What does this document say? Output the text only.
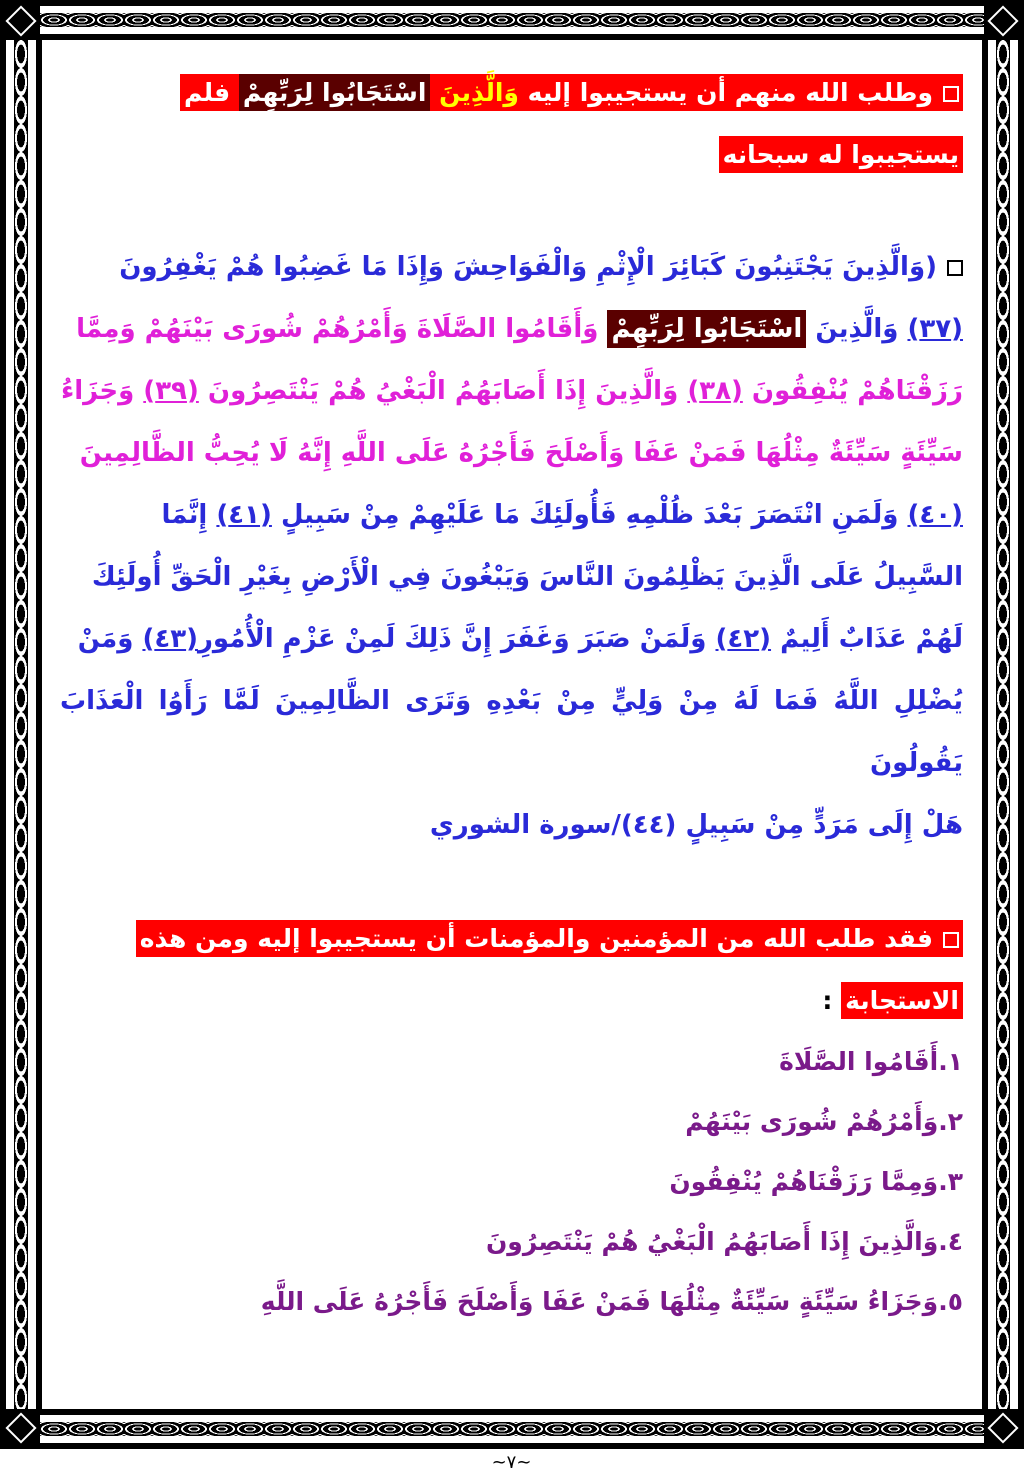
وطلب الله منهم أن يستجيبوا إليه وَالَّذِينَ اسْتَجَابُوا لِرَبِّهِمْ فلم
يستجيبوا له سبحانه

(وَالَّذِينَ يَجْتَنِبُونَ كَبَائِرَ الْإِثْمِ وَالْفَوَاحِشَ وَإِذَا مَا غَضِبُوا هُمْ يَغْفِرُونَ
(٣٧) وَالَّذِينَ اسْتَجَابُوا لِرَبِّهِمْ وَأَقَامُوا الصَّلَاةَ وَأَمْرُهُمْ شُورَى بَيْنَهُمْ وَمِمَّا
رَزَقْنَاهُمْ يُنْفِقُونَ (٣٨) وَالَّذِينَ إِذَا أَصَابَهُمُ الْبَغْيُ هُمْ يَنْتَصِرُونَ (٣٩) وَجَزَاءُ
سَيِّئَةٍ سَيِّئَةٌ مِثْلُهَا فَمَنْ عَفَا وَأَصْلَحَ فَأَجْرُهُ عَلَى اللَّهِ إِنَّهُ لَا يُحِبُّ الظَّالِمِينَ
(٤٠) وَلَمَنِ انْتَصَرَ بَعْدَ ظُلْمِهِ فَأُولَئِكَ مَا عَلَيْهِمْ مِنْ سَبِيلٍ (٤١) إِنَّمَا
السَّبِيلُ عَلَى الَّذِينَ يَظْلِمُونَ النَّاسَ وَيَبْغُونَ فِي الْأَرْضِ بِغَيْرِ الْحَقِّ أُولَئِكَ
لَهُمْ عَذَابٌ أَلِيمٌ (٤٢) وَلَمَنْ صَبَرَ وَغَفَرَ إِنَّ ذَلِكَ لَمِنْ عَزْمِ الْأُمُورِ(٤٣) وَمَنْ
يُضْلِلِ اللَّهُ فَمَا لَهُ مِنْ وَلِيٍّ مِنْ بَعْدِهِ وَتَرَى الظَّالِمِينَ لَمَّا رَأَوُا الْعَذَابَ يَقُولُونَ
هَلْ إِلَى مَرَدٍّ مِنْ سَبِيلٍ (٤٤)/سورة الشوري

فقد طلب الله من المؤمنين والمؤمنات أن يستجيبوا إليه ومن هذه
الاستجابة :

١.أَقَامُوا الصَّلَاةَ
٢.وَأَمْرُهُمْ شُورَى بَيْنَهُمْ
٣.وَمِمَّا رَزَقْنَاهُمْ يُنْفِقُونَ
٤.وَالَّذِينَ إِذَا أَصَابَهُمُ الْبَغْيُ هُمْ يَنْتَصِرُونَ
٥.وَجَزَاءُ سَيِّئَةٍ سَيِّئَةٌ مِثْلُهَا فَمَنْ عَفَا وَأَصْلَحَ فَأَجْرُهُ عَلَى اللَّهِ
~٧~
